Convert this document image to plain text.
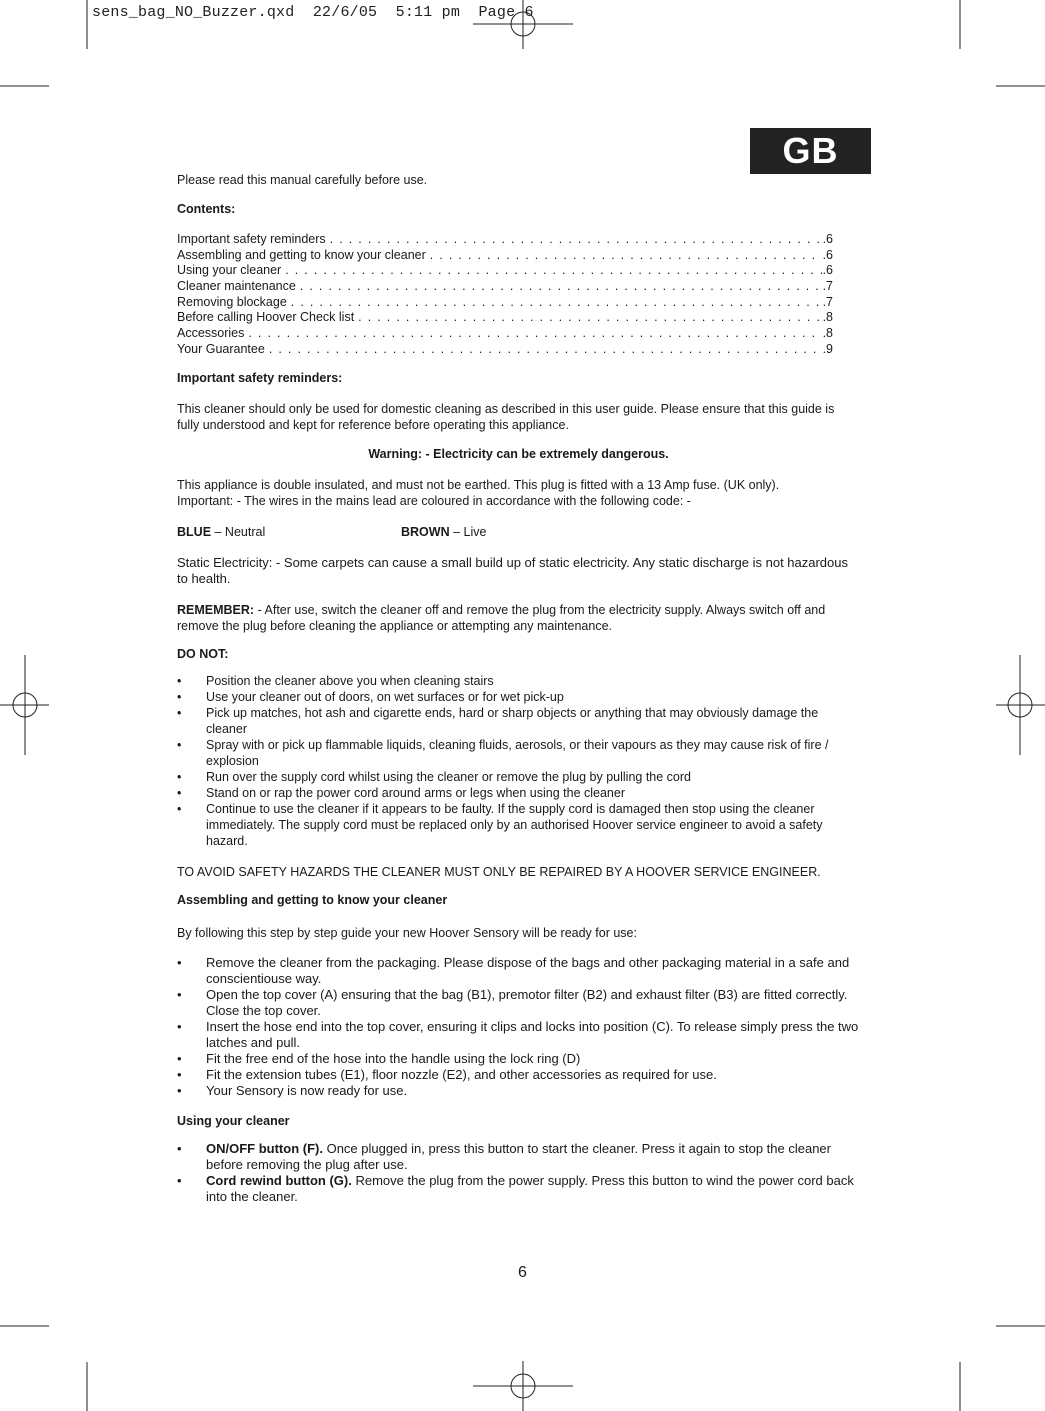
sens_bag_NO_Buzzer.qxd  22/6/05  5:11 pm  Page 6
GB

Please read this manual carefully before use.

Contents:

Important safety reminders . . .	.6
Assembling and getting to know your cleaner . . .	.6
Using your cleaner . . .	.6
Cleaner maintenance . . .	.7
Removing blockage . . .	.7
Before calling Hoover Check list . . .	.8
Accessories . . .	.8
Your Guarantee . . .	.9

Important safety reminders:

This cleaner should only be used for domestic cleaning as described in this user guide. Please ensure that this guide is fully understood and kept for reference before operating this appliance.

Warning: - Electricity can be extremely dangerous.

This appliance is double insulated, and must not be earthed. This plug is fitted with a 13 Amp fuse. (UK only).

Important: - The wires in the mains lead are coloured in accordance with the following code: -

BLUE – Neutral	BROWN – Live

Static Electricity: - Some carpets can cause a small build up of static electricity. Any static discharge is not hazardous to health.

REMEMBER: - After use, switch the cleaner off and remove the plug from the electricity supply. Always switch off and remove the plug before cleaning the appliance or attempting any maintenance.

DO NOT:

• Position the cleaner above you when cleaning stairs
• Use your cleaner out of doors, on wet surfaces or for wet pick-up
• Pick up matches, hot ash and cigarette ends, hard or sharp objects or anything that may obviously damage the cleaner
• Spray with or pick up flammable liquids, cleaning fluids, aerosols, or their vapours as they may cause risk of fire / explosion
• Run over the supply cord whilst using the cleaner or remove the plug by pulling the cord
• Stand on or rap the power cord around arms or legs when using the cleaner
• Continue to use the cleaner if it appears to be faulty. If the supply cord is damaged then stop using the cleaner immediately. The supply cord must be replaced only by an authorised Hoover service engineer to avoid a safety hazard.

TO AVOID SAFETY HAZARDS THE CLEANER MUST ONLY BE REPAIRED BY A HOOVER SERVICE ENGINEER.

Assembling and getting to know your cleaner

By following this step by step guide your new Hoover Sensory will be ready for use:

• Remove the cleaner from the packaging. Please dispose of the bags and other packaging material in a safe and conscientiouse way.
• Open the top cover (A) ensuring that the bag (B1), premotor filter (B2) and exhaust filter (B3) are fitted correctly. Close the top cover.
• Insert the hose end into the top cover, ensuring it clips and locks into position (C). To release simply press the two latches and pull.
• Fit the free end of the hose into the handle using the lock ring (D)
• Fit the extension tubes (E1), floor nozzle (E2), and other accessories as required for use.
• Your Sensory is now ready for use.

Using your cleaner

• ON/OFF button (F). Once plugged in, press this button to start the cleaner. Press it again to stop the cleaner before removing the plug after use.
• Cord rewind button (G). Remove the plug from the power supply. Press this button to wind the power cord back into the cleaner.
6
